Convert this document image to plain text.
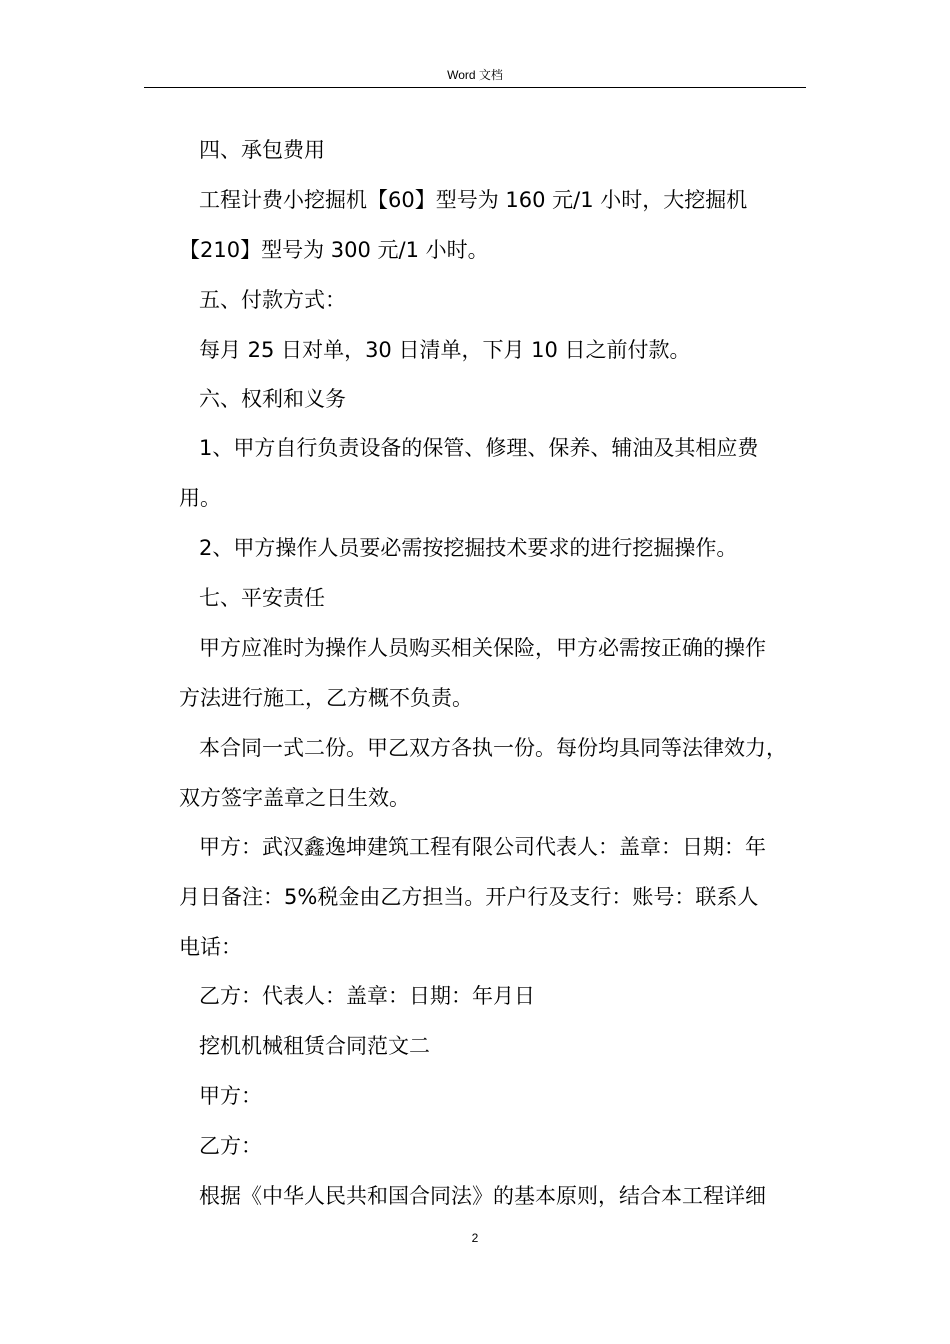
Word 文档
四、承包费用
工程计费小挖掘机【60】型号为 160 元/1 小时，大挖掘机
【210】型号为 300 元/1 小时。
五、付款方式：
每月 25 日对单，30 日清单，下月 10 日之前付款。
六、权利和义务
1、甲方自行负责设备的保管、修理、保养、辅油及其相应费
用。
2、甲方操作人员要必需按挖掘技术要求的进行挖掘操作。
七、平安责任
甲方应准时为操作人员购买相关保险，甲方必需按正确的操作
方法进行施工，乙方概不负责。
本合同一式二份。甲乙双方各执一份。每份均具同等法律效力，
双方签字盖章之日生效。
甲方：武汉鑫逸坤建筑工程有限公司代表人：盖章：日期：年
月日备注：5%税金由乙方担当。开户行及支行：账号：联系人
电话：
乙方：代表人：盖章：日期：年月日
挖机机械租赁合同范文二
甲方：
乙方：
根据《中华人民共和国合同法》的基本原则，结合本工程详细
2
